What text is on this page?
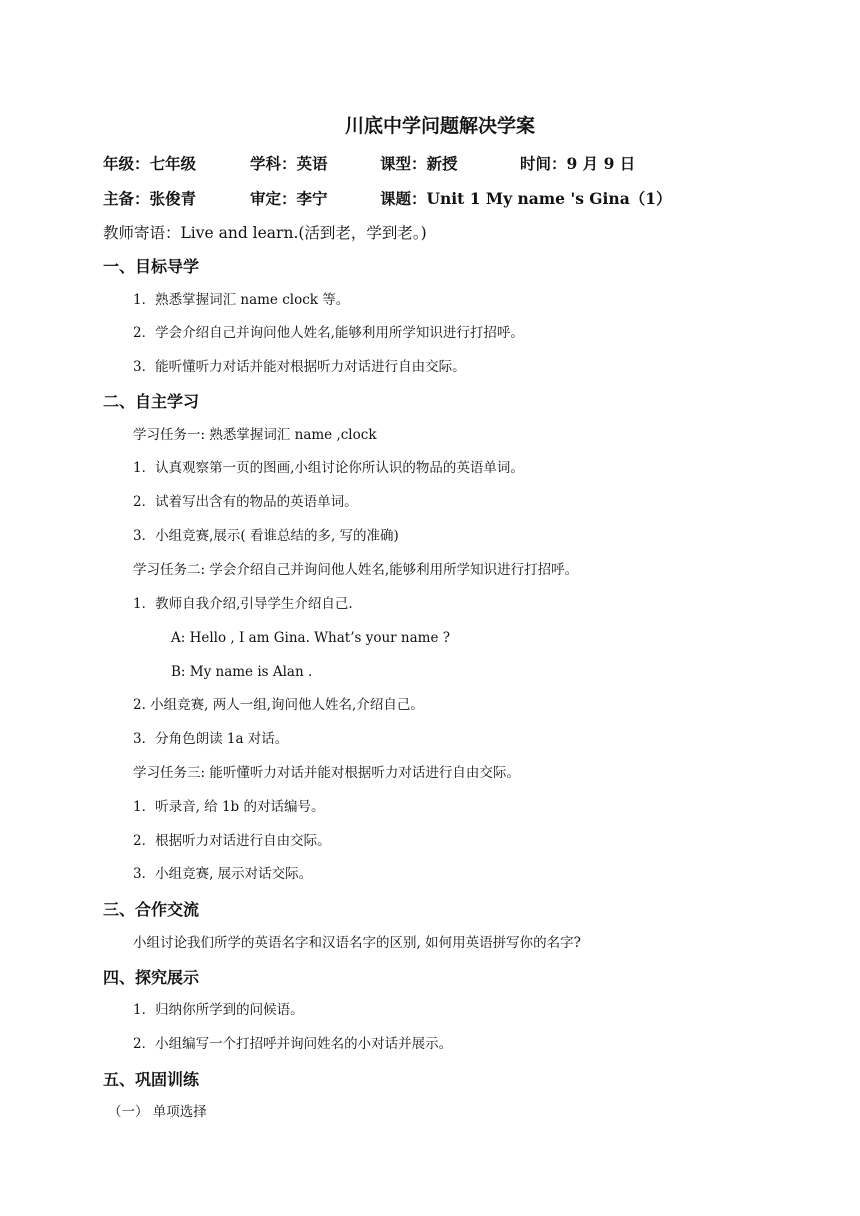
川底中学问题解决学案
年级：七年级	学科：英语	课型：新授	时间：9 月 9 日
主备：张俊青	审定：李宁	课题：Unit 1 My name 's Gina（1）
教师寄语：Live and learn.(活到老，学到老。)
一、目标导学
1．熟悉掌握词汇 name clock 等。
2．学会介绍自己并询问他人姓名,能够利用所学知识进行打招呼。
3．能听懂听力对话并能对根据听力对话进行自由交际。
二、自主学习
学习任务一: 熟悉掌握词汇 name ,clock
1．认真观察第一页的图画,小组讨论你所认识的物品的英语单词。
2．试着写出含有的物品的英语单词。
3．小组竞赛,展示( 看谁总结的多, 写的准确)
学习任务二: 学会介绍自己并询问他人姓名,能够利用所学知识进行打招呼。
1．教师自我介绍,引导学生介绍自己.
A: Hello , I am Gina. What’s your name ?
B: My name is Alan .
2. 小组竞赛, 两人一组,询问他人姓名,介绍自己。
3．分角色朗读 1a 对话。
学习任务三: 能听懂听力对话并能对根据听力对话进行自由交际。
1．听录音, 给 1b 的对话编号。
2．根据听力对话进行自由交际。
3．小组竞赛, 展示对话交际。
三、合作交流
小组讨论我们所学的英语名字和汉语名字的区别, 如何用英语拼写你的名字?
四、探究展示
1．归纳你所学到的问候语。
2．小组编写一个打招呼并询问姓名的小对话并展示。
五、巩固训练
（一） 单项选择
